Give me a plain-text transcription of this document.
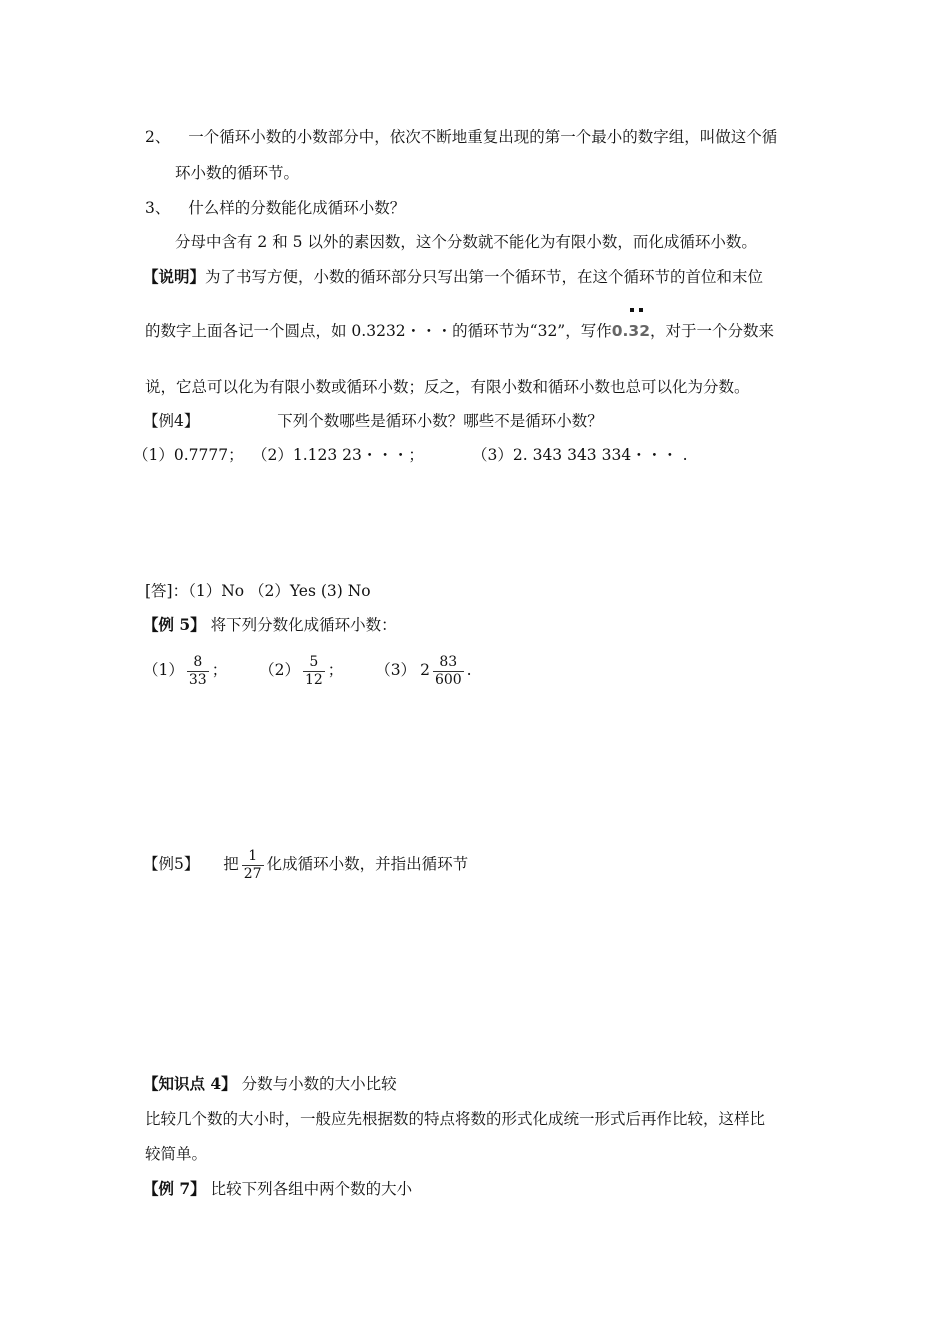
2、 一个循环小数的小数部分中，依次不断地重复出现的第一个最小的数字组，叫做这个循
环小数的循环节。
3、 什么样的分数能化成循环小数？
分母中含有 2 和 5 以外的素因数，这个分数就不能化为有限小数，而化成循环小数。
【说明】为了书写方便，小数的循环部分只写出第一个循环节，在这个循环节的首位和末位
的数字上面各记一个圆点，如 0.3232・・・的循环节为“32”，写作0.32
，对于一个分数来
说，它总可以化为有限小数或循环小数；反之，有限小数和循环小数也总可以化为分数。
【例4】	下列个数哪些是循环小数？哪些不是循环小数？
（1）0.7777； （2）1.123 23・・・；	（3）2. 343 343 334・・・ .
[答]：（1）No （2）Yes (3) No
【例 5】 将下列分数化成循环小数：
$(1) \frac{8}{33}$ ； $(2) \frac{5}{12}$ ； （3） $2 \frac{83}{600}$ .
【例5】 把 $\frac{1}{27}$ 化成循环小数，并指出循环节
【知识点 4】 分数与小数的大小比较
比较几个数的大小时，一般应先根据数的特点将数的形式化成统一形式后再作比较，这样比
较简单。
【例 7】 比较下列各组中两个数的大小
